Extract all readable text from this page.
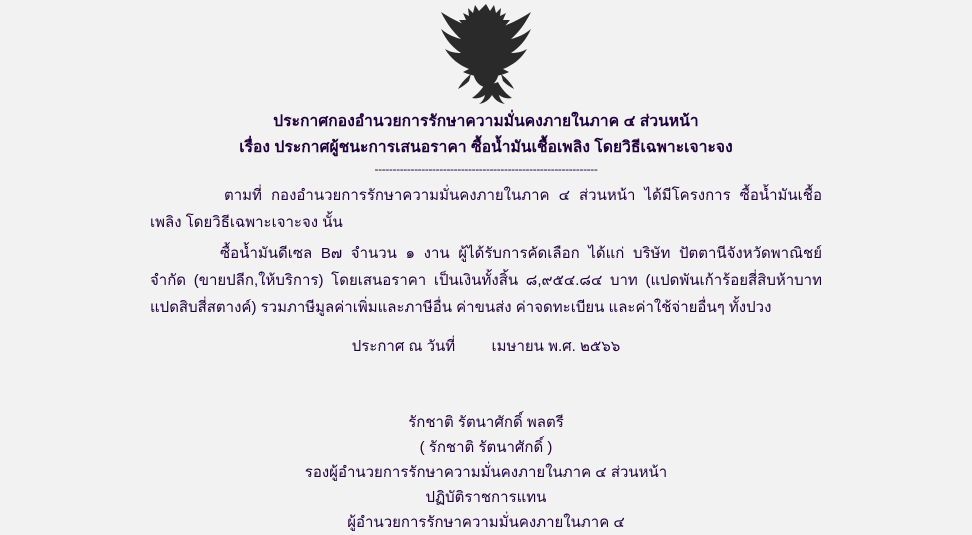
ประกาศกองอำนวยการรักษาความมั่นคงภายในภาค ๔ ส่วนหน้า
เรื่อง ประกาศผู้ชนะการเสนอราคา ซื้อน้ำมันเชื้อเพลิง โดยวิธีเฉพาะเจาะจง
--------------------------------------------------------------

ตามที่ กองอำนวยการรักษาความมั่นคงภายในภาค ๔ ส่วนหน้า ได้มีโครงการ ซื้อน้ำมันเชื้อเพลิง โดยวิธีเฉพาะเจาะจง นั้น

ซื้อน้ำมันดีเซล B๗ จำนวน ๑ งาน ผู้ได้รับการคัดเลือก ได้แก่ บริษัท ปัตตานีจังหวัดพาณิชย์ จำกัด (ขายปลีก,ให้บริการ) โดยเสนอราคา เป็นเงินทั้งสิ้น ๘,๙๕๔.๘๔ บาท (แปดพันเก้าร้อยสี่สิบห้าบาทแปดสิบสี่สตางค์) รวมภาษีมูลค่าเพิ่มและภาษีอื่น ค่าขนส่ง ค่าจดทะเบียน และค่าใช้จ่ายอื่นๆ ทั้งปวง

ประกาศ ณ วันที่ เมษายน พ.ศ. ๒๕๖๖
รักชาติ รัตนาศักดิ์ พลตรี
( รักชาติ รัตนาศักดิ์ )
รองผู้อำนวยการรักษาความมั่นคงภายในภาค ๔ ส่วนหน้า
ปฏิบัติราชการแทน
ผู้อำนวยการรักษาความมั่นคงภายในภาค ๔
